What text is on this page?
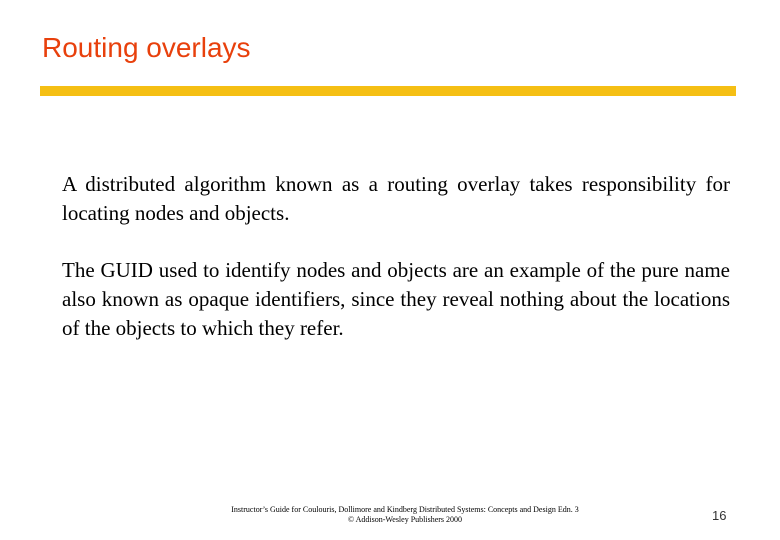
Routing overlays

A distributed algorithm known as a routing overlay takes responsibility for locating nodes and objects.

The GUID used to identify nodes and objects are an example of the pure name also known as opaque identifiers, since they reveal nothing about the locations of the objects to which they refer.

Instructor’s Guide for Coulouris, Dollimore and Kindberg Distributed Systems: Concepts and Design Edn. 3
© Addison-Wesley Publishers 2000	16
